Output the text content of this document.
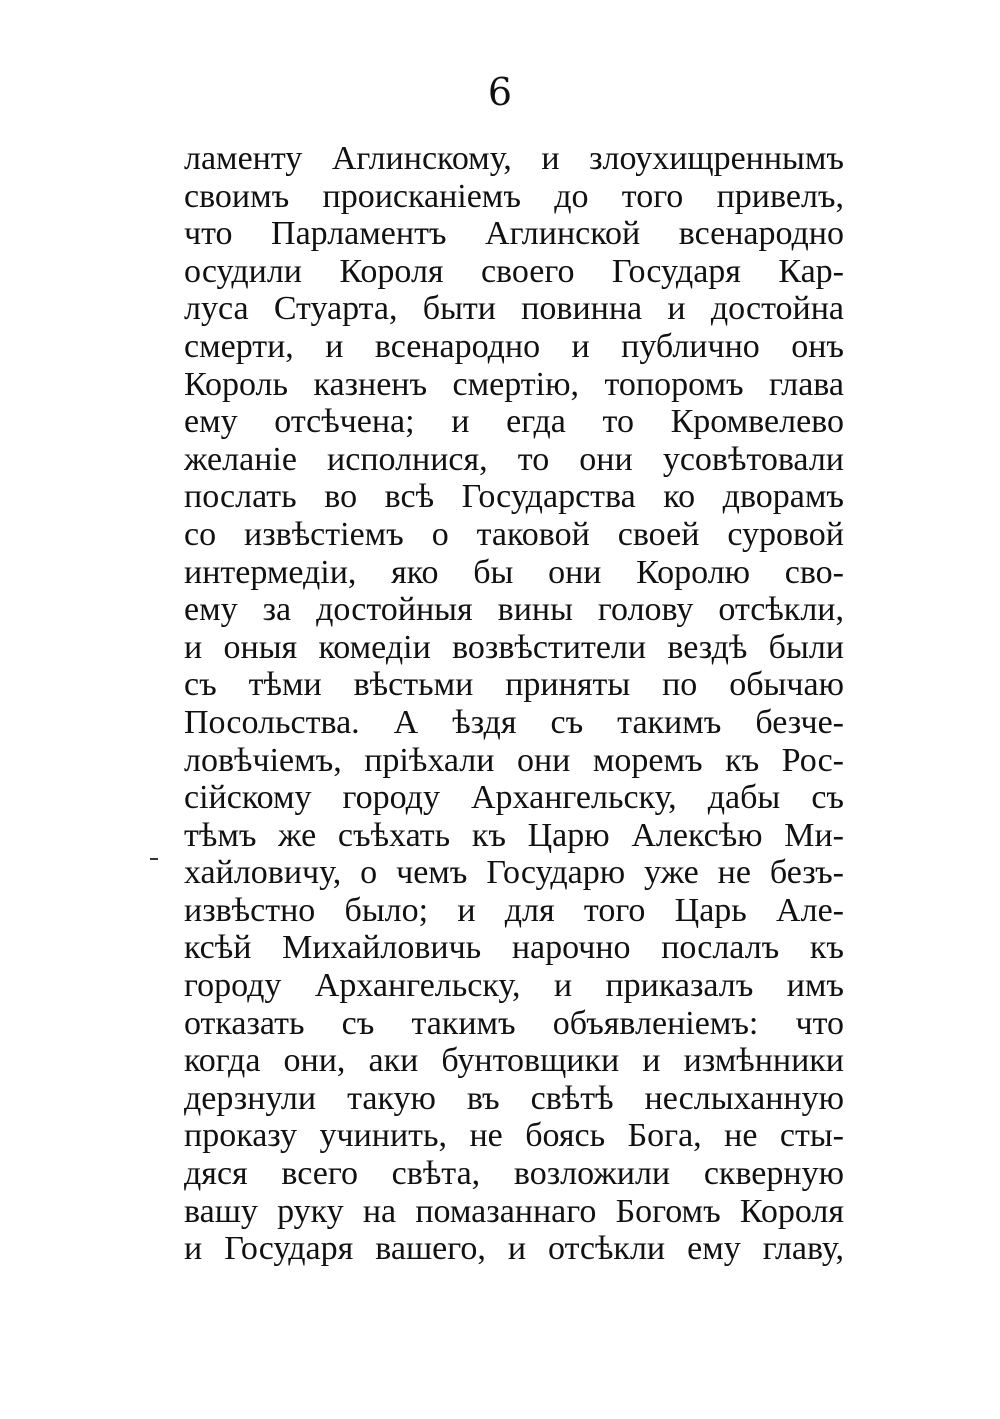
6
ламенту Аглинскому, и злоухищреннымъ
своимъ происканіемъ до того привелъ,
что Парламентъ Аглинской всенародно
осудили Короля своего Государя Кар-
луса Стуарта, быти повинна и достойна
смерти, и всенародно и публично онъ
Король казненъ смертію, топоромъ глава
ему отсѣчена; и егда то Кромвелево
желаніе исполнися, то они усовѣтовали
послать во всѣ Государства ко дворамъ
со извѣстіемъ о таковой своей суровой
интермедіи, яко бы они Королю сво-
ему за достойныя вины голову отсѣкли,
и оныя комедіи возвѣстители вездѣ были
съ тѣми вѣстьми приняты по обычаю
Посольства. А ѣздя съ такимъ безче-
ловѣчіемъ, пріѣхали они моремъ къ Рос-
сійскому городу Архангельску, дабы съ
тѣмъ же съѣхать къ Царю Алексѣю Ми-
хайловичу, о чемъ Государю уже не безъ-
извѣстно было; и для того Царь Але-
ксѣй Михайловичь нарочно послалъ къ
городу Архангельску, и приказалъ имъ
отказать съ такимъ объявленіемъ: что
когда они, аки бунтовщики и измѣнники
дерзнули такую въ свѣтѣ неслыханную
проказу учинить, не боясь Бога, не сты-
дяся всего свѣта, возложили скверную
вашу руку на помазаннаго Богомъ Короля
и Государя вашего, и отсѣкли ему главу,
